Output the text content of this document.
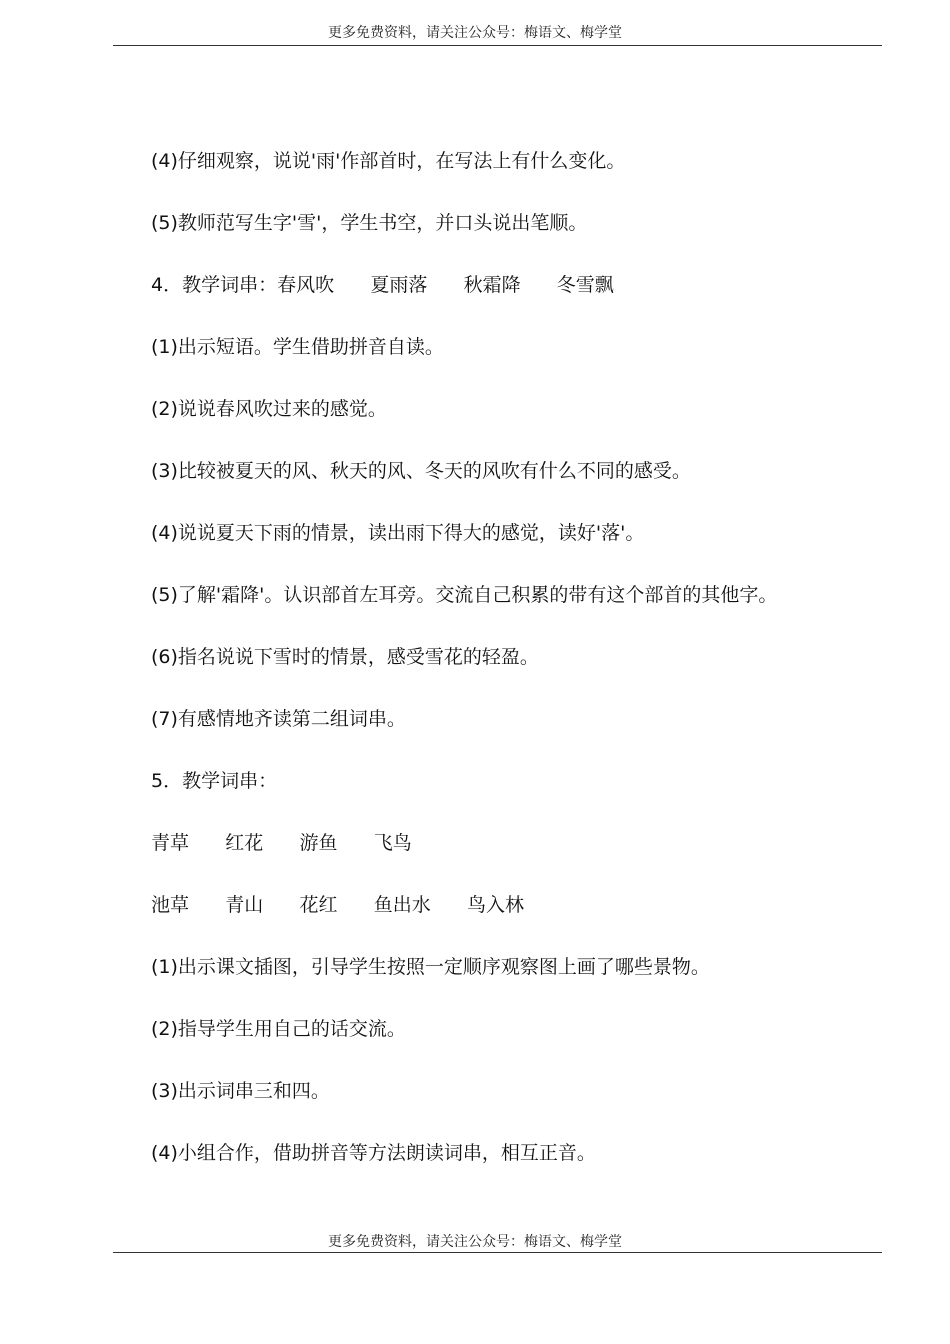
更多免费资料，请关注公众号：梅语文、梅学堂
(4)仔细观察，说说'雨'作部首时，在写法上有什么变化。
(5)教师范写生字'雪'，学生书空，并口头说出笔顺。
4．教学词串：春风吹      夏雨落      秋霜降      冬雪飘
(1)出示短语。学生借助拼音自读。
(2)说说春风吹过来的感觉。
(3)比较被夏天的风、秋天的风、冬天的风吹有什么不同的感受。
(4)说说夏天下雨的情景，读出雨下得大的感觉，读好'落'。
(5)了解'霜降'。认识部首左耳旁。交流自己积累的带有这个部首的其他字。
(6)指名说说下雪时的情景，感受雪花的轻盈。
(7)有感情地齐读第二组词串。
5．教学词串：
青草      红花      游鱼      飞鸟
池草      青山      花红      鱼出水      鸟入林
(1)出示课文插图，引导学生按照一定顺序观察图上画了哪些景物。
(2)指导学生用自己的话交流。
(3)出示词串三和四。
(4)小组合作，借助拼音等方法朗读词串，相互正音。
更多免费资料，请关注公众号：梅语文、梅学堂
